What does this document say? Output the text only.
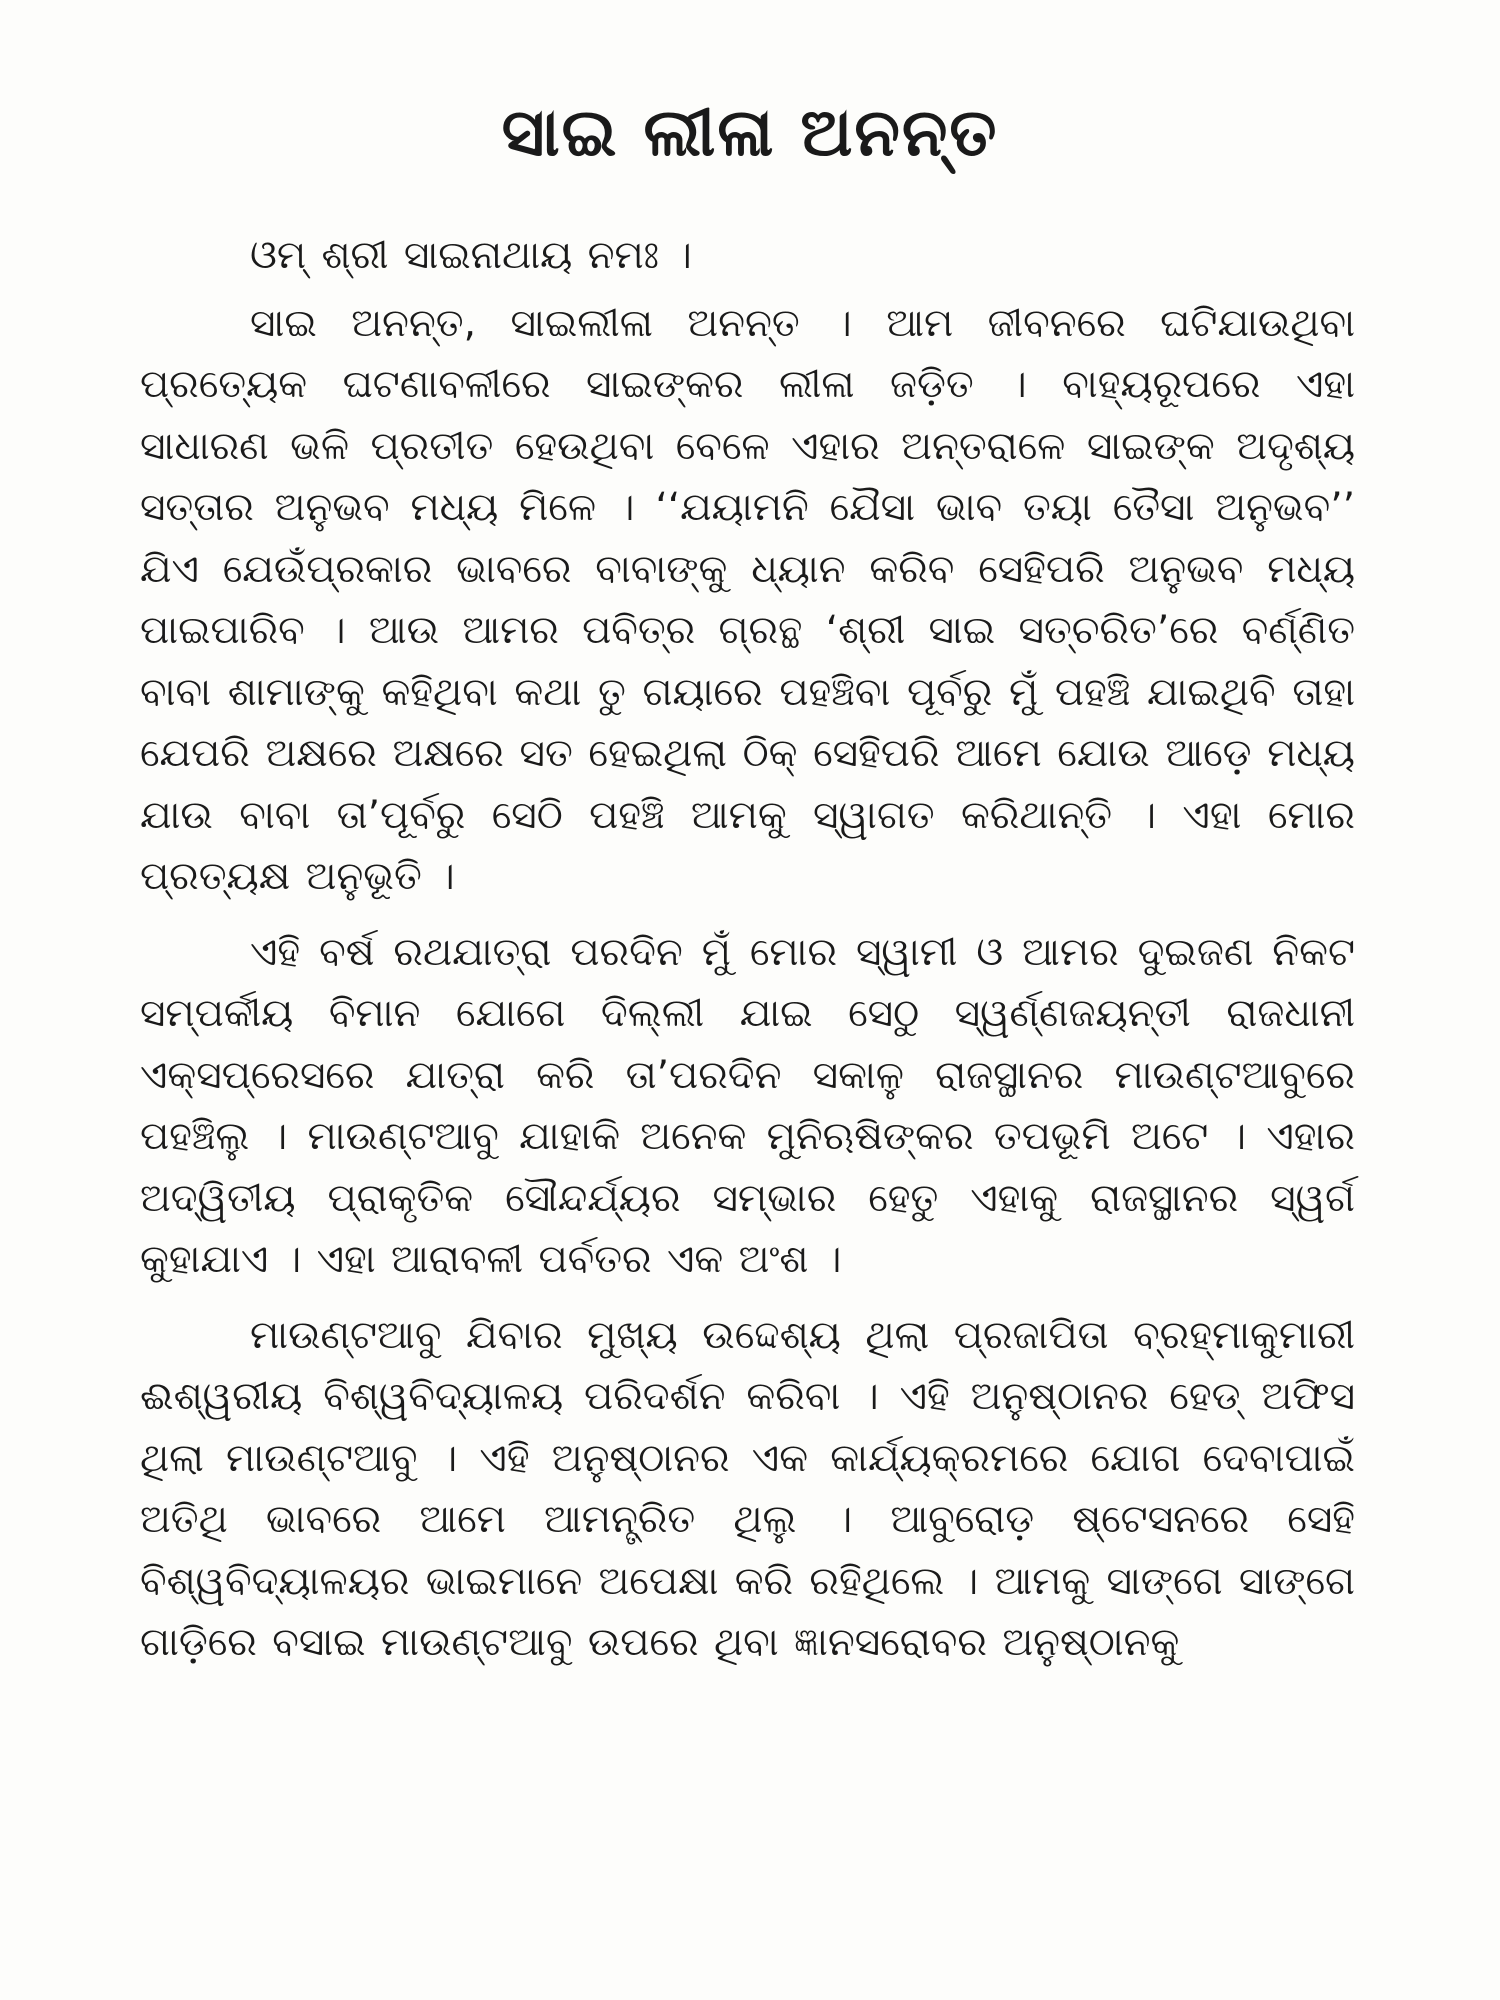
ସାଇ ଲୀଳା ଅନନ୍ତ

ଓମ୍ ଶ୍ରୀ ସାଇନାଥାୟ ନମଃ ।

ସାଇ ଅନନ୍ତ, ସାଇଲୀଳା ଅନନ୍ତ । ଆମ ଜୀବନରେ ଘଟିଯାଉଥିବା ପ୍ରତ୍ୟେକ ଘଟଣାବଳୀରେ ସାଇଙ୍କର ଲୀଳା ଜଡ଼ିତ । ବାହ୍ୟରୂପରେ ଏହା ସାଧାରଣ ଭଳି ପ୍ରତୀତ ହେଉଥିବା ବେଳେ ଏହାର ଅନ୍ତରାଳେ ସାଇଙ୍କ ଅଦୃଶ୍ୟ ସତ୍ତାର ଅନୁଭବ ମଧ୍ୟ ମିଳେ । ‘‘ଯୟାମନି ଯୈସା ଭାବ ତୟା ତୈସା ଅନୁଭବ’’ ଯିଏ ଯେଉଁପ୍ରକାର ଭାବରେ ବାବାଙ୍କୁ ଧ୍ୟାନ କରିବ ସେହିପରି ଅନୁଭବ ମଧ୍ୟ ପାଇପାରିବ । ଆଉ ଆମର ପବିତ୍ର ଗ୍ରନ୍ଥ ‘ଶ୍ରୀ ସାଇ ସତ୍‌ଚରିତ’ରେ ବର୍ଣ୍ଣିତ ବାବା ଶାମାଙ୍କୁ କହିଥିବା କଥା ତୁ ଗୟାରେ ପହଞ୍ଚିବା ପୂର୍ବରୁ ମୁଁ ପହଞ୍ଚି ଯାଇଥିବି ତାହା ଯେପରି ଅକ୍ଷରେ ଅକ୍ଷରେ ସତ ହେଇଥିଲା ଠିକ୍ ସେହିପରି ଆମେ ଯୋଉ ଆଡ଼େ ମଧ୍ୟ ଯାଉ ବାବା ତା’ପୂର୍ବରୁ ସେଠି ପହଞ୍ଚି ଆମକୁ ସ୍ୱାଗତ କରିଥାନ୍ତି । ଏହା ମୋର ପ୍ରତ୍ୟକ୍ଷ ଅନୁଭୂତି ।

ଏହି ବର୍ଷ ରଥଯାତ୍ରା ପରଦିନ ମୁଁ ମୋର ସ୍ୱାମୀ ଓ ଆମର ଦୁଇଜଣ ନିକଟ ସମ୍ପର୍କୀୟ ବିମାନ ଯୋଗେ ଦିଲ୍ଲୀ ଯାଇ ସେଠୁ ସ୍ୱର୍ଣ୍ଣଜୟନ୍ତୀ ରାଜଧାନୀ ଏକ୍ସପ୍ରେସରେ ଯାତ୍ରା କରି ତା’ପରଦିନ ସକାଳୁ ରାଜସ୍ଥାନର ମାଉଣ୍ଟଆବୁରେ ପହଞ୍ଚିଲୁ । ମାଉଣ୍ଟଆବୁ ଯାହାକି ଅନେକ ମୁନିଋଷିଙ୍କର ତପଭୂମି ଅଟେ । ଏହାର ଅଦ୍ୱିତୀୟ ପ୍ରାକୃତିକ ସୌନ୍ଦର୍ଯ୍ୟର ସମ୍ଭାର ହେତୁ ଏହାକୁ ରାଜସ୍ଥାନର ସ୍ୱର୍ଗ କୁହାଯାଏ । ଏହା ଆରାବଳୀ ପର୍ବତର ଏକ ଅଂଶ ।

ମାଉଣ୍ଟଆବୁ ଯିବାର ମୁଖ୍ୟ ଉଦ୍ଦେଶ୍ୟ ଥିଲା ପ୍ରଜାପିତା ବ୍ରହ୍ମାକୁମାରୀ ଈଶ୍ୱରୀୟ ବିଶ୍ୱବିଦ୍ୟାଳୟ ପରିଦର୍ଶନ କରିବା । ଏହି ଅନୁଷ୍ଠାନର ହେଡ୍ ଅଫିସ ଥିଲା ମାଉଣ୍ଟଆବୁ । ଏହି ଅନୁଷ୍ଠାନର ଏକ କାର୍ଯ୍ୟକ୍ରମରେ ଯୋଗ ଦେବାପାଇଁ ଅତିଥି ଭାବରେ ଆମେ ଆମନ୍ତ୍ରିତ ଥିଲୁ । ଆବୁରୋଡ଼ ଷ୍ଟେସନରେ ସେହି ବିଶ୍ୱବିଦ୍ୟାଳୟର ଭାଇମାନେ ଅପେକ୍ଷା କରି ରହିଥିଲେ । ଆମକୁ ସାଙ୍ଗେ ସାଙ୍ଗେ ଗାଡ଼ିରେ ବସାଇ ମାଉଣ୍ଟଆବୁ ଉପରେ ଥିବା ଜ୍ଞାନସରୋବର ଅନୁଷ୍ଠାନକୁ
